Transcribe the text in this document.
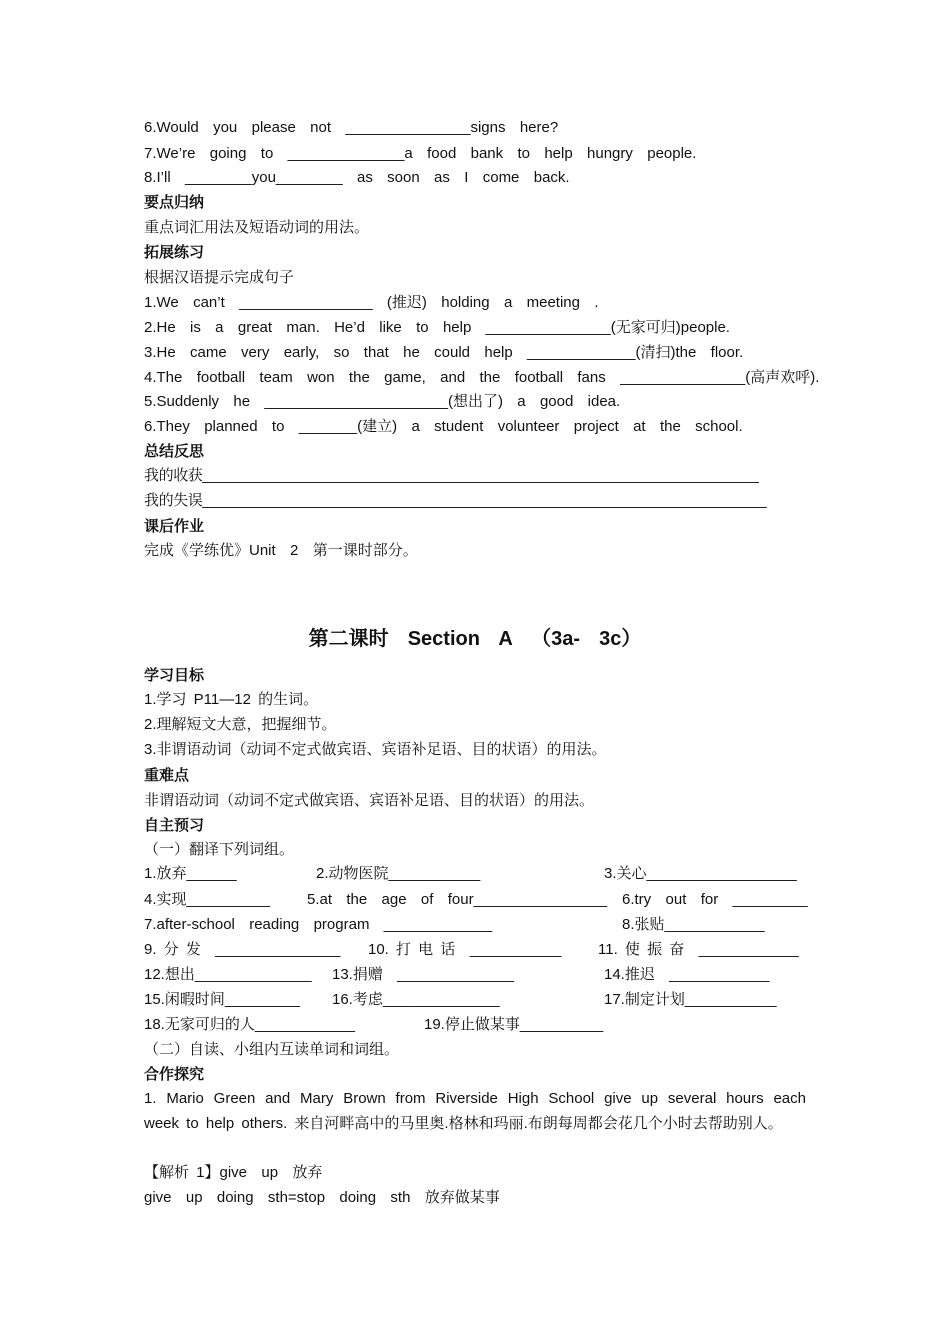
6.Would  you  please  not  _______________signs  here?
7.We’re  going  to  ______________a  food  bank  to  help  hungry  people.
8.I’ll  ________you________  as  soon  as  I  come  back.
要点归纳
重点词汇用法及短语动词的用法。
拓展练习
根据汉语提示完成句子
1.We  can’t  ________________  (推迟)  holding  a  meeting  .
2.He  is  a  great  man.  He’d  like  to  help  _______________(无家可归)people.
3.He  came  very  early,  so  that  he  could  help  _____________(清扫)the  floor.
4.The  football  team  won  the  game,  and  the  football  fans  _______________(高声欢呼).
5.Suddenly  he  ______________________(想出了)  a  good  idea.
6.They  planned  to  _______(建立)  a  student  volunteer  project  at  the  school.
总结反思
我的收获______________________________________________________________________
我的失误_______________________________________________________________________
课后作业
完成《学练优》Unit  2  第一课时部分。
第二课时  Section  A  （3a-  3c）
学习目标
1.学习 P11—12 的生词。
2.理解短文大意，把握细节。
3.非谓语动词（动词不定式做宾语、宾语补足语、目的状语）的用法。
重难点
非谓语动词（动词不定式做宾语、宾语补足语、目的状语）的用法。
自主预习
（一）翻译下列词组。
1.放弃______	2.动物医院___________	3.关心__________________
4.实现__________ 5.at  the  age  of  four________________ 6.try  out  for  _________
7.after-school  reading  program  _____________	8.张贴____________
9. 分 发  _______________ 10. 打 电 话  ___________ 11. 使 振 奋  ____________
12.想出______________ 13.捐赠  ______________	14.推迟  ____________
15.闲暇时间_________ 16.考虑______________	17.制定计划___________
18.无家可归的人____________	19.停止做某事__________
（二）自读、小组内互读单词和词组。
合作探究
1. Mario Green and Mary Brown from Riverside High School give up several hours each week to help others. 来自河畔高中的马里奥.格林和玛丽.布朗每周都会花几个小时去帮助别人。
【解析 1】give  up  放弃
give  up  doing  sth=stop  doing  sth  放弃做某事
